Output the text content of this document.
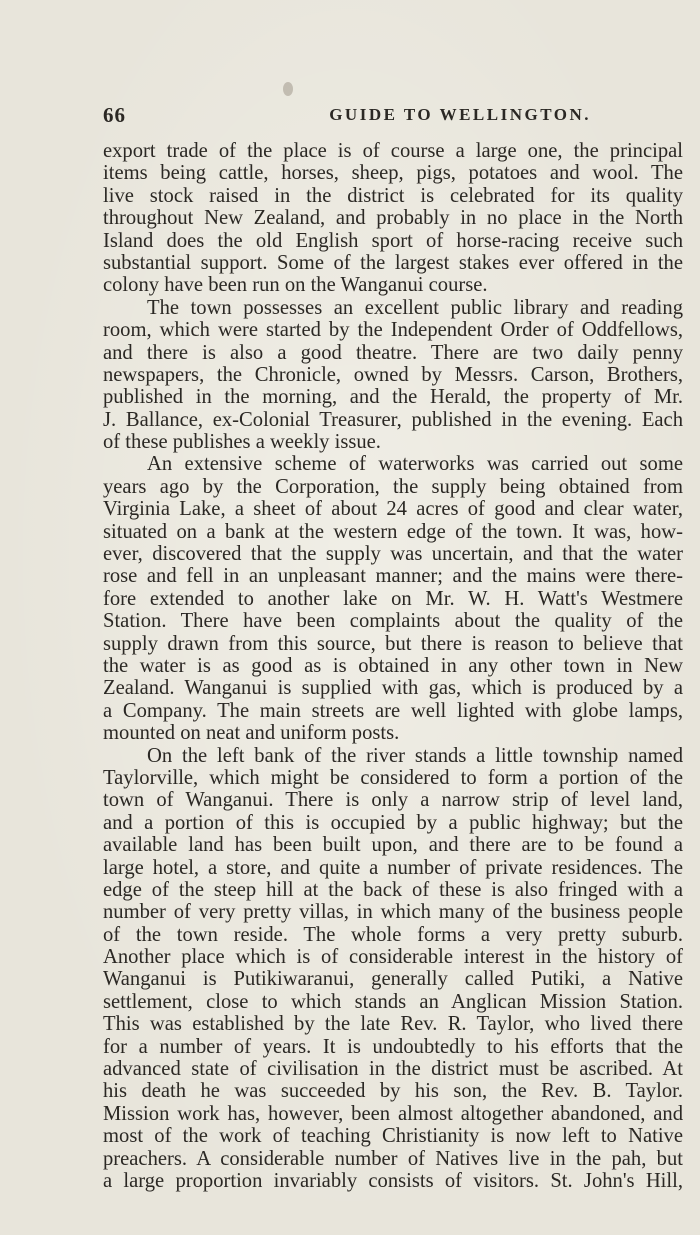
66	GUIDE TO WELLINGTON.
export trade of the place is of course a large one, the principal
items being cattle, horses, sheep, pigs, potatoes and wool. The
live stock raised in the district is celebrated for its quality
throughout New Zealand, and probably in no place in the North
Island does the old English sport of horse-racing receive such
substantial support. Some of the largest stakes ever offered in the
colony have been run on the Wanganui course.
The town possesses an excellent public library and reading
room, which were started by the Independent Order of Oddfellows,
and there is also a good theatre. There are two daily penny
newspapers, the Chronicle, owned by Messrs. Carson, Brothers,
published in the morning, and the Herald, the property of Mr.
J. Ballance, ex-Colonial Treasurer, published in the evening. Each
of these publishes a weekly issue.
An extensive scheme of waterworks was carried out some
years ago by the Corporation, the supply being obtained from
Virginia Lake, a sheet of about 24 acres of good and clear water,
situated on a bank at the western edge of the town. It was, how-
ever, discovered that the supply was uncertain, and that the water
rose and fell in an unpleasant manner; and the mains were there-
fore extended to another lake on Mr. W. H. Watt's Westmere
Station. There have been complaints about the quality of the
supply drawn from this source, but there is reason to believe that
the water is as good as is obtained in any other town in New
Zealand. Wanganui is supplied with gas, which is produced by a
a Company. The main streets are well lighted with globe lamps,
mounted on neat and uniform posts.
On the left bank of the river stands a little township named
Taylorville, which might be considered to form a portion of the
town of Wanganui. There is only a narrow strip of level land,
and a portion of this is occupied by a public highway; but the
available land has been built upon, and there are to be found a
large hotel, a store, and quite a number of private residences. The
edge of the steep hill at the back of these is also fringed with a
number of very pretty villas, in which many of the business people
of the town reside. The whole forms a very pretty suburb.
Another place which is of considerable interest in the history of
Wanganui is Putikiwaranui, generally called Putiki, a Native
settlement, close to which stands an Anglican Mission Station.
This was established by the late Rev. R. Taylor, who lived there
for a number of years. It is undoubtedly to his efforts that the
advanced state of civilisation in the district must be ascribed. At
his death he was succeeded by his son, the Rev. B. Taylor.
Mission work has, however, been almost altogether abandoned, and
most of the work of teaching Christianity is now left to Native
preachers. A considerable number of Natives live in the pah, but
a large proportion invariably consists of visitors. St. John's Hill,
